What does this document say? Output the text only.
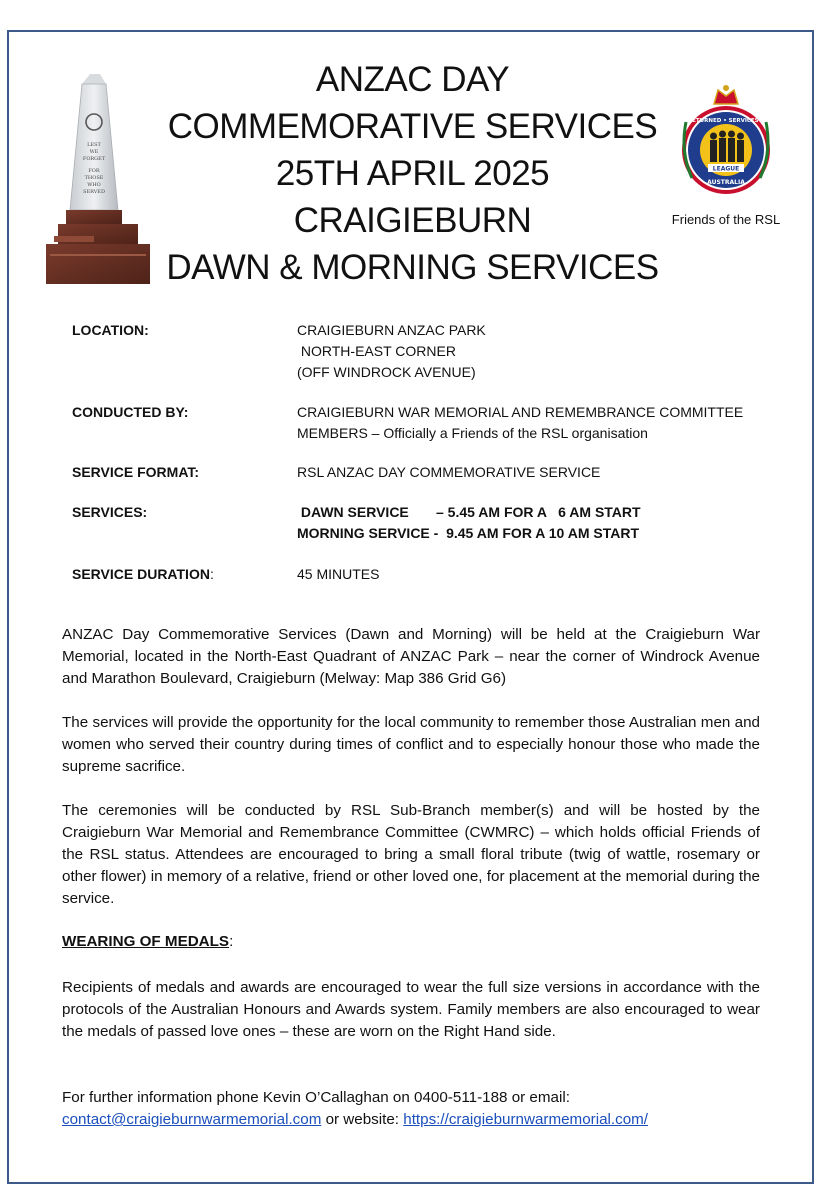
LEST
WE
FORGET
FOR
THOSE
WHO
SERVED
LEAGUE
RETURNED • SERVICES •
AUSTRALIA
Friends of the RSL
ANZAC DAY
COMMEMORATIVE SERVICES
25TH APRIL 2025
CRAIGIEBURN
DAWN & MORNING SERVICES
LOCATION:	CRAIGIEBURN ANZAC PARK
NORTH-EAST CORNER
(OFF WINDROCK AVENUE)
CONDUCTED BY:	CRAIGIEBURN WAR MEMORIAL AND REMEMBRANCE COMMITTEE
MEMBERS – Officially a Friends of the RSL organisation
SERVICE FORMAT:	RSL ANZAC DAY COMMEMORATIVE SERVICE
SERVICES:	DAWN SERVICE       – 5.45 AM FOR A   6 AM START
MORNING SERVICE -  9.45 AM FOR A 10 AM START
SERVICE DURATION:	45 MINUTES

ANZAC Day Commemorative Services (Dawn and Morning) will be held at the Craigieburn War Memorial, located in the North-East Quadrant of ANZAC Park – near the corner of Windrock Avenue and Marathon Boulevard, Craigieburn (Melway: Map 386 Grid G6)

The services will provide the opportunity for the local community to remember those Australian men and women who served their country during times of conflict and to especially honour those who made the supreme sacrifice.

The ceremonies will be conducted by RSL Sub-Branch member(s) and will be hosted by the Craigieburn War Memorial and Remembrance Committee (CWMRC) – which holds official Friends of the RSL status. Attendees are encouraged to bring a small floral tribute (twig of wattle, rosemary or other flower) in memory of a relative, friend or other loved one, for placement at the memorial during the service.

WEARING OF MEDALS:

Recipients of medals and awards are encouraged to wear the full size versions in accordance with the protocols of the Australian Honours and Awards system. Family members are also encouraged to wear the medals of passed love ones – these are worn on the Right Hand side.

For further information phone Kevin O’Callaghan on 0400-511-188 or email:

contact@craigieburnwarmemorial.com or website: https://craigieburnwarmemorial.com/
